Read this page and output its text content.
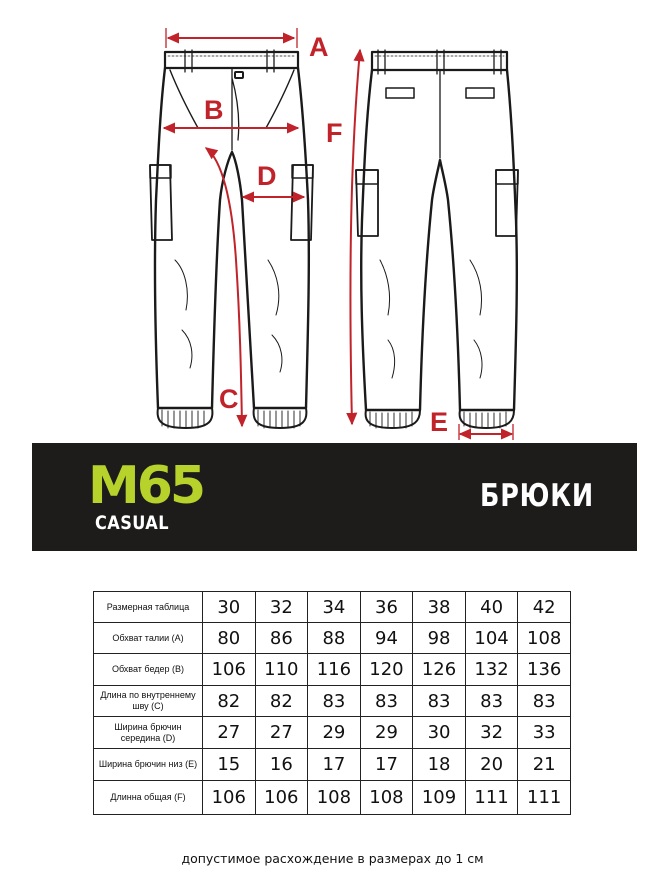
A
B
C
D
E
F
M65
CASUAL
БРЮКИ
Размерная таблица	30	32	34	36	38	40	42
Обхват талии (A)	80	86	88	94	98	104	108
Обхват бедер (B)	106	110	116	120	126	132	136
Длина по внутреннему шву (C)	82	82	83	83	83	83	83
Ширина брючин середина (D)	27	27	29	29	30	32	33
Ширина брючин низ (E)	15	16	17	17	18	20	21
Длинна общая (F)	106	106	108	108	109	111	111
допустимое расхождение в размерах до 1 см
